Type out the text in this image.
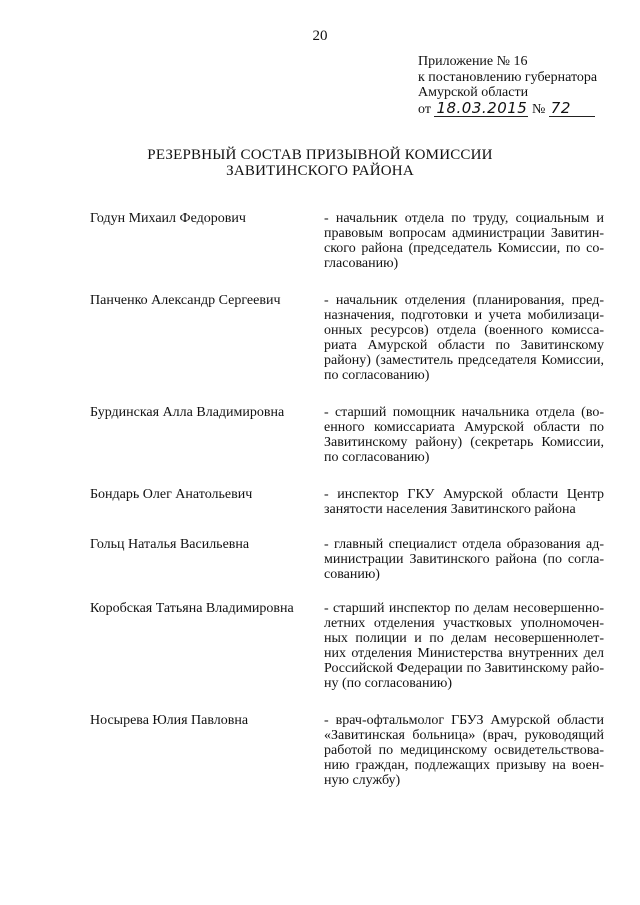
20
Приложение № 16
к постановлению губернатора
Амурской области
от 18.03.2015 № 72
РЕЗЕРВНЫЙ СОСТАВ ПРИЗЫВНОЙ КОМИССИИ
ЗАВИТИНСКОГО РАЙОНА
Годун Михаил Федорович	- начальник отдела по труду, социальным и
правовым вопросам администрации Завитин-
ского района (председатель Комиссии, по со-
гласованию)
Панченко Александр Сергеевич	- начальник отделения (планирования, пред-
назначения, подготовки и учета мобилизаци-
онных ресурсов) отдела (военного комисса-
риата Амурской области по Завитинскому
району) (заместитель председателя Комиссии,
по согласованию)
Бурдинская Алла Владимировна	- старший помощник начальника отдела (во-
енного комиссариата Амурской области по
Завитинскому району) (секретарь Комиссии,
по согласованию)
Бондарь Олег Анатольевич	- инспектор ГКУ Амурской области Центр
занятости населения Завитинского района
Гольц Наталья Васильевна	- главный специалист отдела образования ад-
министрации Завитинского района (по согла-
сованию)
Коробская Татьяна Владимировна	- старший инспектор по делам несовершенно-
летних отделения участковых уполномочен-
ных полиции и по делам несовершеннолет-
них отделения Министерства внутренних дел
Российской Федерации по Завитинскому райо-
ну (по согласованию)
Носырева Юлия Павловна	- врач-офтальмолог ГБУЗ Амурской области
«Завитинская больница» (врач, руководящий
работой по медицинскому освидетельствова-
нию граждан, подлежащих призыву на воен-
ную службу)
